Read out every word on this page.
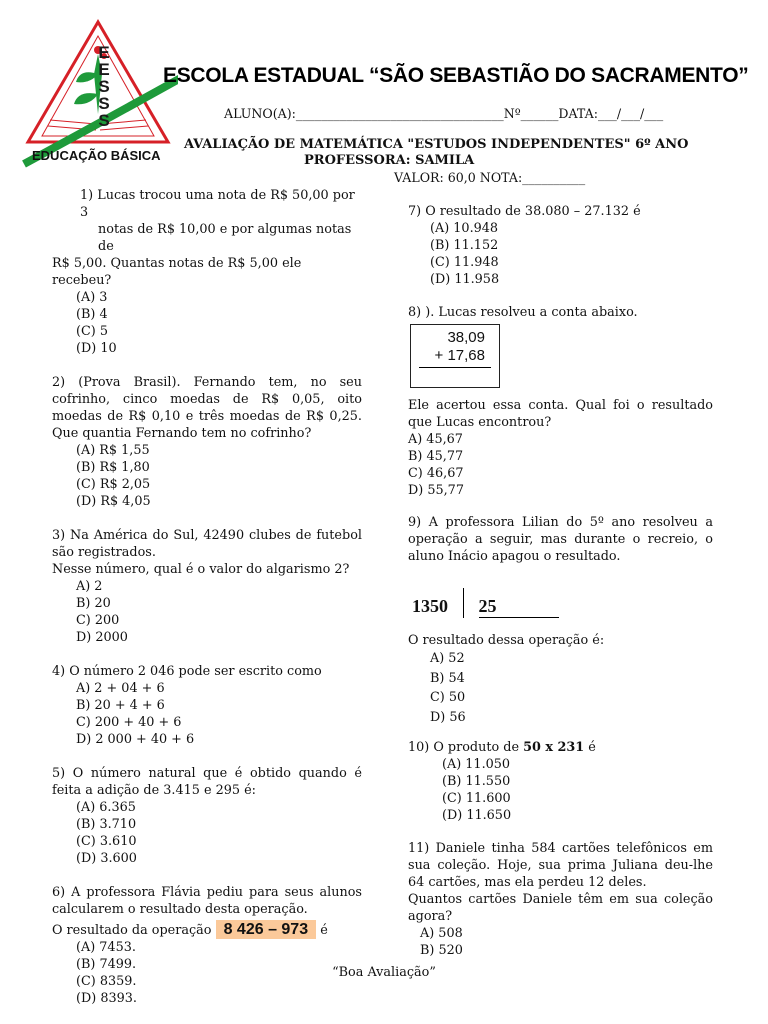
E
E
S
S
S
EDUCAÇÃO BÁSICA
ESCOLA ESTADUAL “SÃO SEBASTIÃO DO SACRAMENTO”
ALUNO(A):_________________________________Nº______DATA:___/___/___
AVALIAÇÃO DE MATEMÁTICA "ESTUDOS INDEPENDENTES" 6º ANO
PROFESSORA: SAMILA
VALOR: 60,0 NOTA:__________
1) Lucas trocou uma nota de R$ 50,00 por 3
notas de R$ 10,00 e por algumas notas de
R$ 5,00. Quantas notas de R$ 5,00 ele recebeu?
(A) 3
(B) 4
(C) 5
(D) 10

2) (Prova Brasil). Fernando tem, no seu cofrinho, cinco moedas de R$ 0,05, oito moedas de R$ 0,10 e três moedas de R$ 0,25. Que quantia Fernando tem no cofrinho?

(A) R$ 1,55
(B) R$ 1,80
(C) R$ 2,05
(D) R$ 4,05

3) Na América do Sul, 42490 clubes de futebol são registrados.

Nesse número, qual é o valor do algarismo 2?
A) 2
B) 20
C) 200
D) 2000
4) O número 2 046 pode ser escrito como
A) 2 + 04 + 6
B) 20 + 4 + 6
C) 200 + 40 + 6
D) 2 000 + 40 + 6

5) O número natural que é obtido quando é feita a adição de 3.415 e 295 é:

(A) 6.365
(B) 3.710
(C) 3.610
(D) 3.600

6) A professora Flávia pediu para seus alunos calcularem o resultado desta operação.

O resultado da operação 8 426 – 973 é
(A) 7453.
(B) 7499.
(C) 8359.
(D) 8393.
7) O resultado de 38.080 – 27.132 é
(A) 10.948
(B) 11.152
(C) 11.948
(D) 11.958
8) ). Lucas resolveu a conta abaixo.
38,09
+ 17,68

Ele acertou essa conta. Qual foi o resultado que Lucas encontrou?

A) 45,67
B) 45,77
C) 46,67
D) 55,77

9) A professora Lilian do 5º ano resolveu a operação a seguir, mas durante o recreio, o aluno Inácio apagou o resultado.

1350 25
O resultado dessa operação é:
A) 52
B) 54
C) 50
D) 56
10) O produto de 50 x 231 é
(A) 11.050
(B) 11.550
(C) 11.600
(D) 11.650

11) Daniele tinha 584 cartões telefônicos em sua coleção. Hoje, sua prima Juliana deu-lhe 64 cartões, mas ela perdeu 12 deles.

Quantos cartões Daniele têm em sua coleção agora?

A) 508
B) 520
“Boa Avaliação”
